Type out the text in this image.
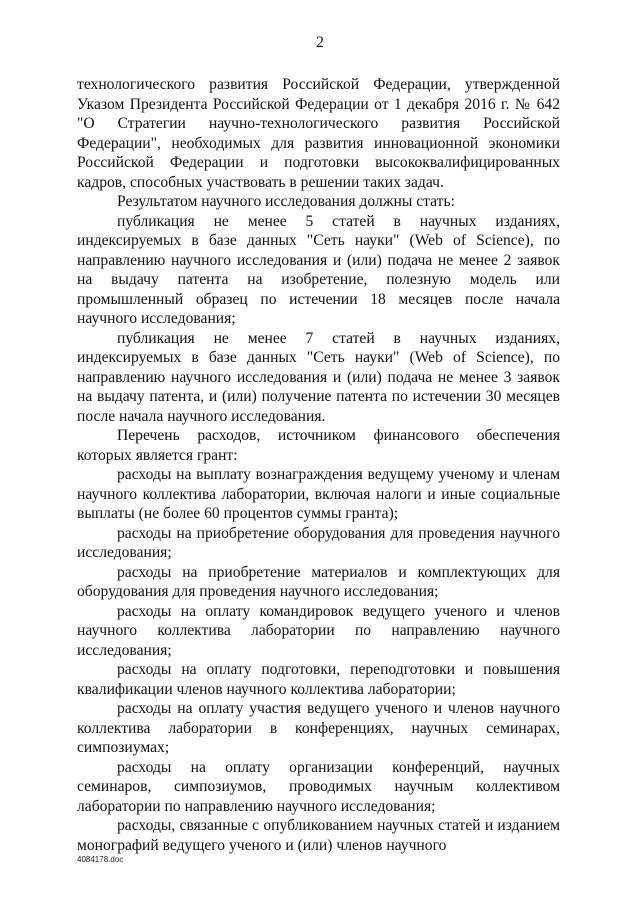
2

технологического развития Российской Федерации, утвержденной Указом Президента Российской Федерации от 1 декабря 2016 г. № 642 "О Стратегии научно-технологического развития Российской Федерации", необходимых для развития инновационной экономики Российской Федерации и подготовки высококвалифицированных кадров, способных участвовать в решении таких задач.

Результатом научного исследования должны стать:

публикация не менее 5 статей в научных изданиях, индексируемых в базе данных "Сеть науки" (Web of Science), по направлению научного исследования и (или) подача не менее 2 заявок на выдачу патента на изобретение, полезную модель или промышленный образец по истечении 18 месяцев после начала научного исследования;

публикация не менее 7 статей в научных изданиях, индексируемых в базе данных "Сеть науки" (Web of Science), по направлению научного исследования и (или) подача не менее 3 заявок на выдачу патента, и (или) получение патента по истечении 30 месяцев после начала научного исследования.

Перечень расходов, источником финансового обеспечения которых является грант:

расходы на выплату вознаграждения ведущему ученому и членам научного коллектива лаборатории, включая налоги и иные социальные выплаты (не более 60 процентов суммы гранта);

расходы на приобретение оборудования для проведения научного исследования;

расходы на приобретение материалов и комплектующих для оборудования для проведения научного исследования;

расходы на оплату командировок ведущего ученого и членов научного коллектива лаборатории по направлению научного исследования;

расходы на оплату подготовки, переподготовки и повышения квалификации членов научного коллектива лаборатории;

расходы на оплату участия ведущего ученого и членов научного коллектива лаборатории в конференциях, научных семинарах, симпозиумах;

расходы на оплату организации конференций, научных семинаров, симпозиумов, проводимых научным коллективом лаборатории по направлению научного исследования;

расходы, связанные с опубликованием научных статей и изданием монографий ведущего ученого и (или) членов научного

4084178.doc
